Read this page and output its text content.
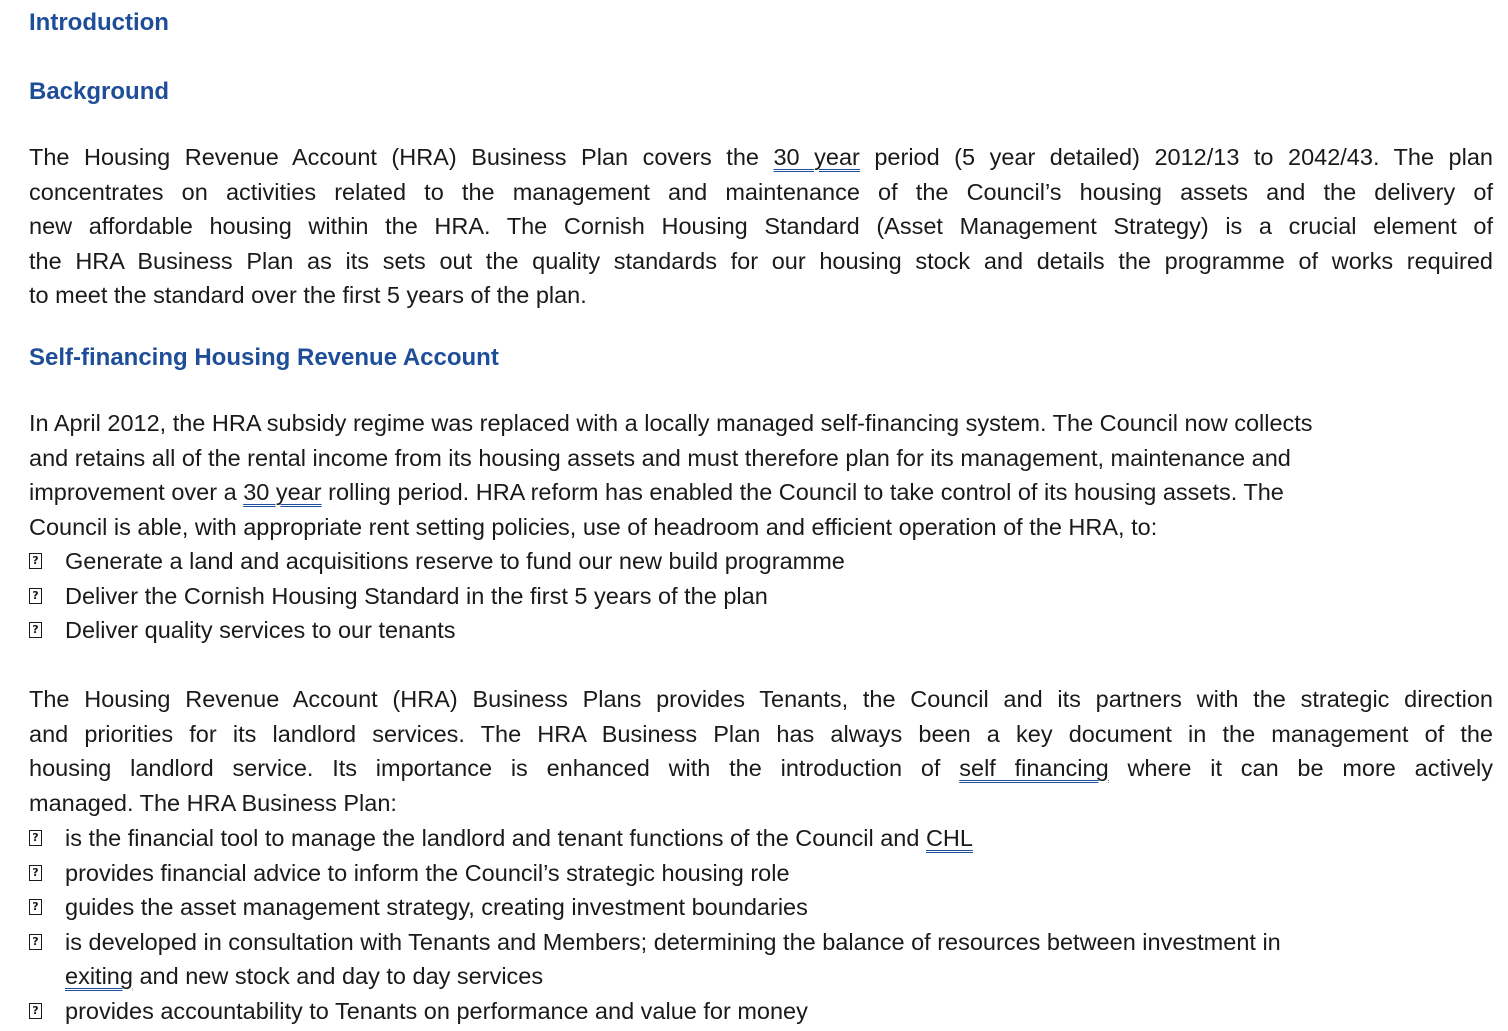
Introduction
Background
The Housing Revenue Account (HRA) Business Plan covers the 30 year period (5 year detailed) 2012/13 to 2042/43. The plan
concentrates on activities related to the management and maintenance of the Council’s housing assets and the delivery of
new affordable housing within the HRA. The Cornish Housing Standard (Asset Management Strategy) is a crucial element of
the HRA Business Plan as its sets out the quality standards for our housing stock and details the programme of works required
to meet the standard over the first 5 years of the plan.
Self-financing Housing Revenue Account
In April 2012, the HRA subsidy regime was replaced with a locally managed self-financing system. The Council now collects
and retains all of the rental income from its housing assets and must therefore plan for its management, maintenance and
improvement over a 30 year rolling period. HRA reform has enabled the Council to take control of its housing assets. The
Council is able, with appropriate rent setting policies, use of headroom and efficient operation of the HRA, to:
? Generate a land and acquisitions reserve to fund our new build programme
? Deliver the Cornish Housing Standard in the first 5 years of the plan
? Deliver quality services to our tenants
The Housing Revenue Account (HRA) Business Plans provides Tenants, the Council and its partners with the strategic direction
and priorities for its landlord services. The HRA Business Plan has always been a key document in the management of the
housing landlord service. Its importance is enhanced with the introduction of self financing where it can be more actively
managed. The HRA Business Plan:
? is the financial tool to manage the landlord and tenant functions of the Council and CHL
? provides financial advice to inform the Council’s strategic housing role
? guides the asset management strategy, creating investment boundaries
? is developed in consultation with Tenants and Members; determining the balance of resources between investment in
exiting and new stock and day to day services
? provides accountability to Tenants on performance and value for money
